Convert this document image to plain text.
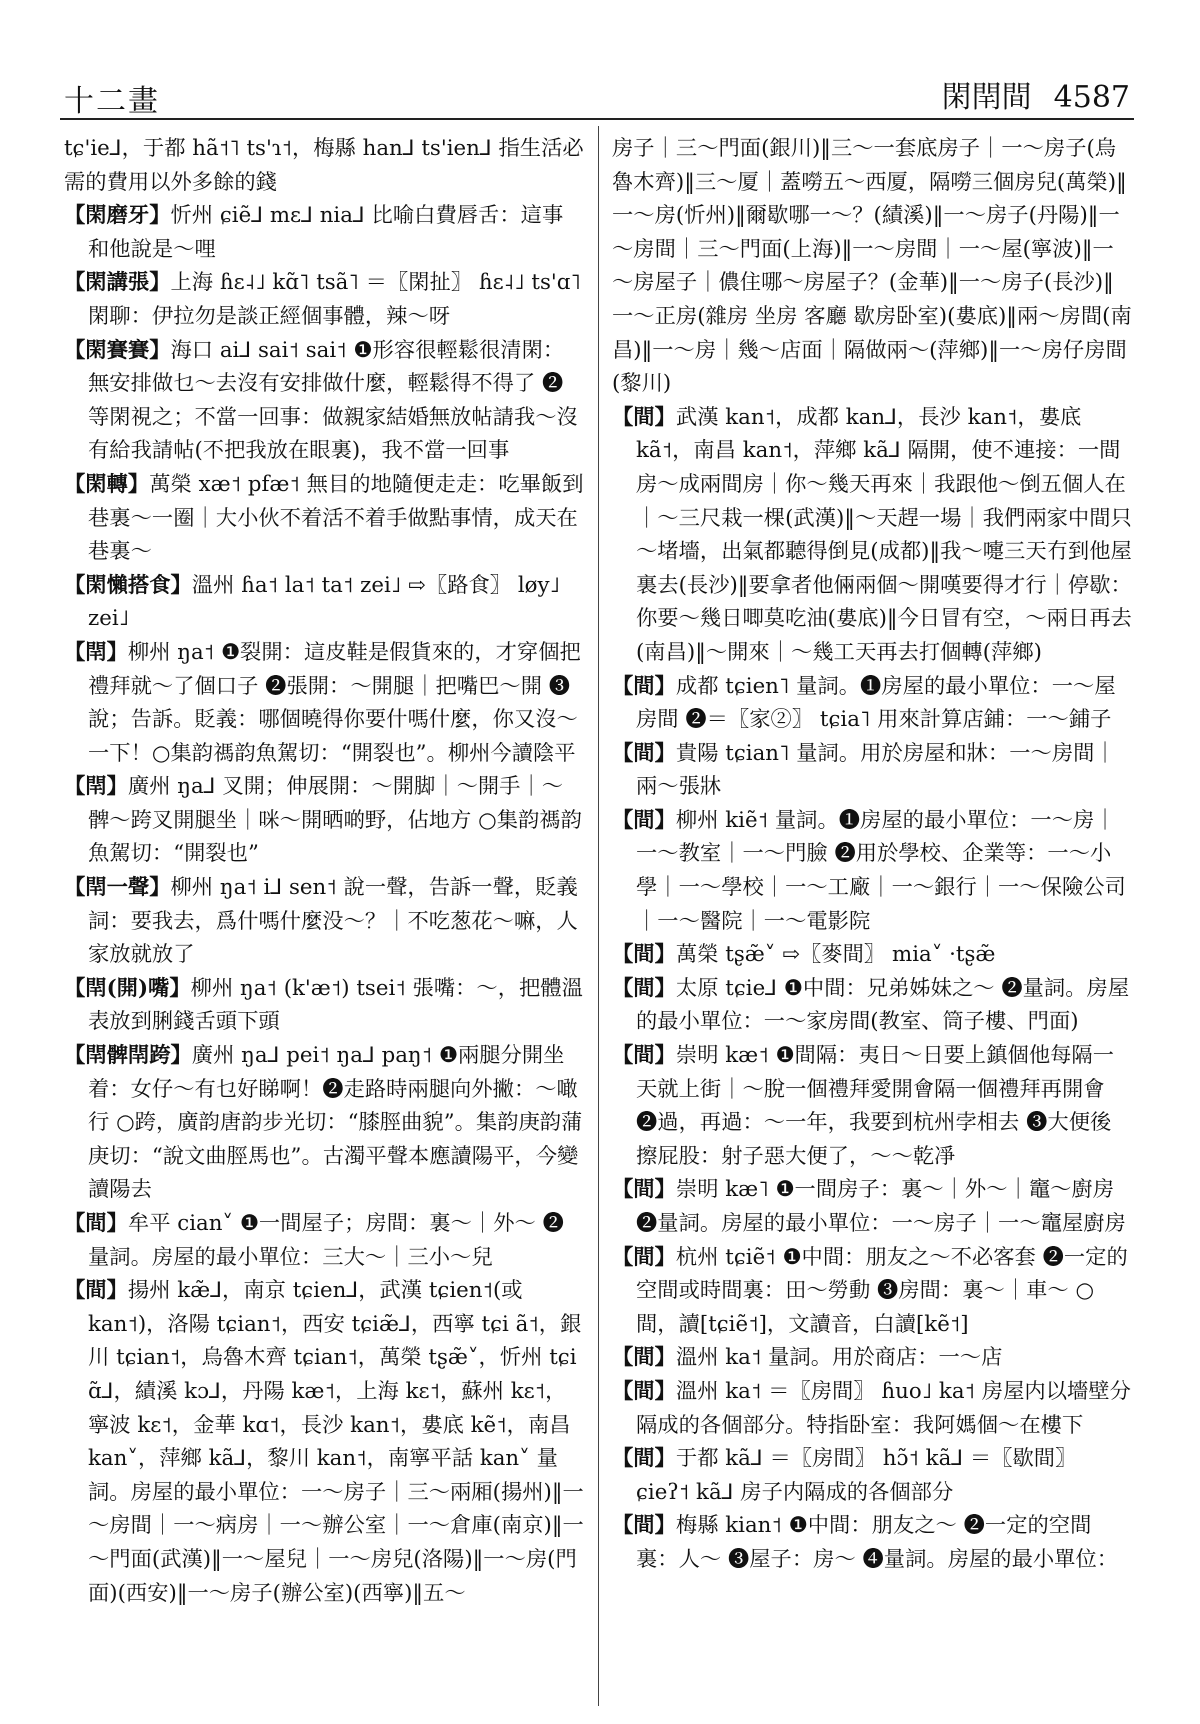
十二畫	閑閈間 4587

tɕ'ie⅃，于都 hã˦˥ ts'ɿ˦，梅縣 han⅃ ts'ien⅃ 指生活必需的費用以外多餘的錢

【閑磨牙】忻州 ɕiẽ⅃ mɛ⅃ nia⅃ 比喻白費唇舌：這事和他說是～哩

【閑講張】上海 ɦɛ˨˩ kɑ̃˥ tsã˥ ＝〖閑扯〗 ɦɛ˨˩ ts'ɑ˥ 閑聊：伊拉勿是談正經個事體，辣～呀

【閑賽賽】海口 ai⅃ sai˦ sai˦ ❶形容很輕鬆很清閑：無安排做乜～去沒有安排做什麼，輕鬆得不得了 ❷等閑視之；不當一回事：做親家結婚無放帖請我～沒有給我請帖(不把我放在眼裏)，我不當一回事

【閑轉】萬榮 xæ˦ pfæ˦ 無目的地隨便走走：吃畢飯到巷裏～一圈｜大小伙不着活不着手做點事情，成天在巷裏～

【閑懶搭食】溫州 ɦa˦ la˦ ta˦ zei˩ ⇨〖路食〗 løy˩ zei˩

【閈】柳州 ŋa˦ ❶裂開：這皮鞋是假貨來的，才穿個把禮拜就～了個口子 ❷張開：～開腿｜把嘴巴～開 ❸說；告訴。貶義：哪個曉得你要什嗎什麼，你又沒～一下！○集韵禡韵魚駕切：“開裂也”。柳州今讀陰平

【閈】廣州 ŋa⅃ 叉開；伸展開：～開脚｜～開手｜～髀～跨叉開腿坐｜咪～開晒啲野，佔地方 ○集韵禡韵魚駕切：“開裂也”

【閈一聲】柳州 ŋa˦ i⅃ sen˦ 說一聲，告訴一聲，貶義詞：要我去，爲什嗎什麼没～？｜不吃葱花～嘛，人家放就放了

【閈(開)嘴】柳州 ŋa˦ (k'æ˦) tsei˦ 張嘴：～，把體溫表放到脷錢舌頭下頭

【閈髀閈跨】廣州 ŋa⅃ pei˦ ŋa⅃ paŋ˦ ❶兩腿分開坐着：女仔～有乜好睇啊！❷走路時兩腿向外撇：～噉行 ○跨，廣韵唐韵步光切：“膝脛曲貌”。集韵庚韵蒲庚切：“說文曲脛馬也”。古濁平聲本應讀陽平，今變讀陽去

【間】牟平 cian˅ ❶一間屋子；房間：裏～｜外～ ❷量詞。房屋的最小單位：三大～｜三小～兒

【間】揚州 kæ̃⅃，南京 tɕien⅃，武漢 tɕien˦(或 kan˦)，洛陽 tɕian˦，西安 tɕiæ̃⅃，西寧 tɕi ã˦，銀川 tɕian˦，烏魯木齊 tɕian˦，萬榮 tʂæ̃˅，忻州 tɕi ɑ̃⅃，績溪 kɔ⅃，丹陽 kæ˦，上海 kɛ˦，蘇州 kɛ˦，寧波 kɛ˦，金華 kɑ˦，長沙 kan˦，婁底 kẽ˦，南昌 kan˅，萍鄉 kã⅃，黎川 kan˦，南寧平話 kan˅ 量詞。房屋的最小單位：一～房子｜三～兩厢(揚州)‖一～房間｜一～病房｜一～辦公室｜一～倉庫(南京)‖一～門面(武漢)‖一～屋兒｜一～房兒(洛陽)‖一～房(門面)(西安)‖一～房子(辦公室)(西寧)‖五～

房子｜三～門面(銀川)‖三～一套底房子｜一～房子(烏魯木齊)‖三～厦｜蓋嘮五～西厦，隔嘮三個房兒(萬榮)‖一～房(忻州)‖爾歇哪一～？(績溪)‖一～房子(丹陽)‖一～房間｜三～門面(上海)‖一～房間｜一～屋(寧波)‖一～房屋子｜儂住哪～房屋子？(金華)‖一～房子(長沙)‖一～正房(雜房 坐房 客廳 歇房卧室)(婁底)‖兩～房間(南昌)‖一～房｜幾～店面｜隔做兩～(萍鄉)‖一～房仔房間(黎川)

【間】武漢 kan˦，成都 kan⅃，長沙 kan˦，婁底 kã˦，南昌 kan˦，萍鄉 kã⅃ 隔開，使不連接：一間房～成兩間房｜你～幾天再來｜我跟他～倒五個人在｜～三尺栽一棵(武漢)‖～天趕一場｜我們兩家中間只～堵墻，出氣都聽得倒見(成都)‖我～嚏三天冇到他屋裏去(長沙)‖要拿者他倆兩個～開嘆要得才行｜停歇：你要～幾日唧莫吃油(婁底)‖今日冒有空，～兩日再去(南昌)‖～開來｜～幾工天再去打個轉(萍鄉)

【間】成都 tɕien˥ 量詞。❶房屋的最小單位：一～屋房間 ❷＝〖家②〗 tɕia˥ 用來計算店鋪：一～鋪子

【間】貴陽 tɕian˥ 量詞。用於房屋和牀：一～房間｜兩～張牀

【間】柳州 kiẽ˦ 量詞。❶房屋的最小單位：一～房｜一～教室｜一～門臉 ❷用於學校、企業等：一～小學｜一～學校｜一～工廠｜一～銀行｜一～保險公司｜一～醫院｜一～電影院

【間】萬榮 tʂæ̃˅ ⇨〖麥間〗 mia˅ ·tʂæ̃

【間】太原 tɕie⅃ ❶中間：兄弟姊妹之～ ❷量詞。房屋的最小單位：一～家房間(教室、筒子樓、門面)

【間】崇明 kæ˦ ❶間隔：夷日～日要上鎮個他每隔一天就上街｜～脫一個禮拜愛開會隔一個禮拜再開會 ❷過，再過：～一年，我要到杭州孛相去 ❸大便後擦屁股：射子惡大便了，～～乾凈

【間】崇明 kæ˥ ❶一間房子：裏～｜外～｜竈～廚房 ❷量詞。房屋的最小單位：一～房子｜一～竈屋廚房

【間】杭州 tɕiẽ˦ ❶中間：朋友之～不必客套 ❷一定的空間或時間裏：田～勞動 ❸房間：裏～｜車～ ○間，讀[tɕiẽ˦]，文讀音，白讀[kẽ˦]

【間】溫州 ka˦ 量詞。用於商店：一～店

【間】溫州 ka˦ ＝〖房間〗 ɦuo˩ ka˦ 房屋内以墻壁分隔成的各個部分。特指卧室：我阿媽個～在樓下

【間】于都 kã⅃ ＝〖房間〗 hɔ̃˦ kã⅃ ＝〖歇間〗 ɕieʔ˦ kã⅃ 房子内隔成的各個部分

【間】梅縣 kian˦ ❶中間：朋友之～ ❷一定的空間裏：人～ ❸屋子：房～ ❹量詞。房屋的最小單位：
